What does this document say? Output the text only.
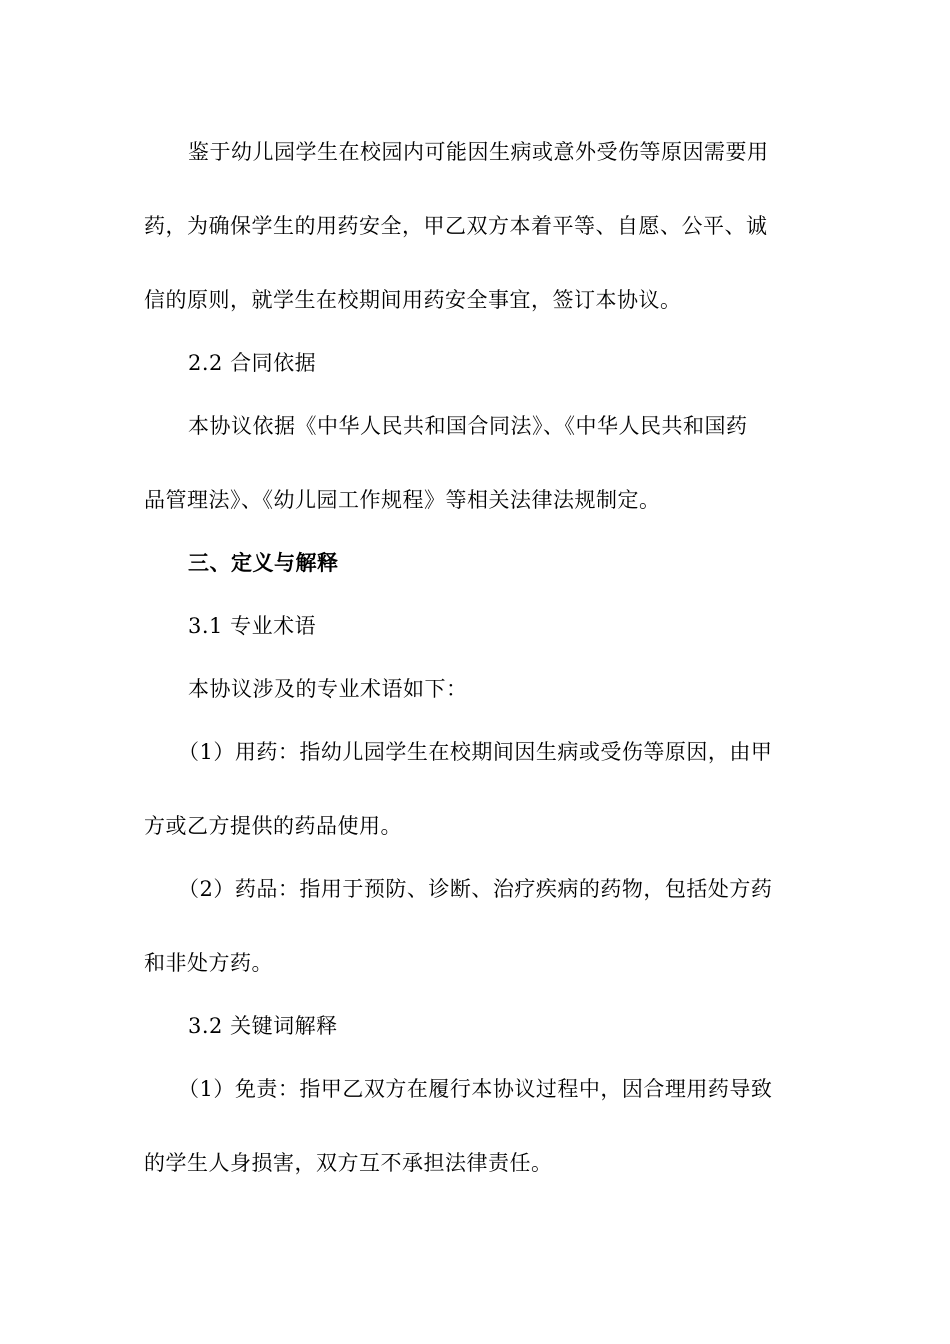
鉴于幼儿园学生在校园内可能因生病或意外受伤等原因需要用
药，为确保学生的用药安全，甲乙双方本着平等、自愿、公平、诚
信的原则，就学生在校期间用药安全事宜，签订本协议。
2.2 合同依据
本协议依据《中华人民共和国合同法》、《中华人民共和国药
品管理法》、《幼儿园工作规程》等相关法律法规制定。
三、定义与解释
3.1 专业术语
本协议涉及的专业术语如下：
（1）用药：指幼儿园学生在校期间因生病或受伤等原因，由甲
方或乙方提供的药品使用。
（2）药品：指用于预防、诊断、治疗疾病的药物，包括处方药
和非处方药。
3.2 关键词解释
（1）免责：指甲乙双方在履行本协议过程中，因合理用药导致
的学生人身损害，双方互不承担法律责任。
